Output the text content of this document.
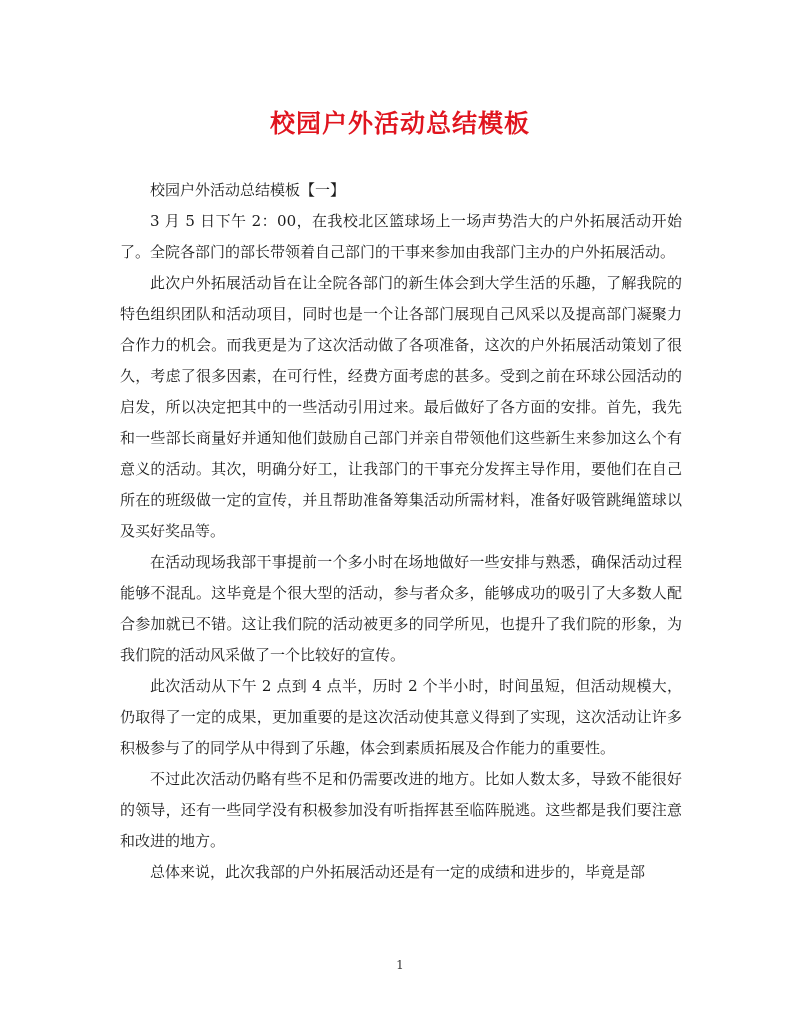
校园户外活动总结模板

校园户外活动总结模板【一】

3 月 5 日下午 2：00，在我校北区篮球场上一场声势浩大的户外拓展活动开始了。全院各部门的部长带领着自己部门的干事来参加由我部门主办的户外拓展活动。

此次户外拓展活动旨在让全院各部门的新生体会到大学生活的乐趣，了解我院的特色组织团队和活动项目，同时也是一个让各部门展现自己风采以及提高部门凝聚力合作力的机会。而我更是为了这次活动做了各项准备，这次的户外拓展活动策划了很久，考虑了很多因素，在可行性，经费方面考虑的甚多。受到之前在环球公园活动的启发，所以决定把其中的一些活动引用过来。最后做好了各方面的安排。首先，我先和一些部长商量好并通知他们鼓励自己部门并亲自带领他们这些新生来参加这么个有意义的活动。其次，明确分好工，让我部门的干事充分发挥主导作用，要他们在自己所在的班级做一定的宣传，并且帮助准备筹集活动所需材料，准备好吸管跳绳篮球以及买好奖品等。

在活动现场我部干事提前一个多小时在场地做好一些安排与熟悉，确保活动过程能够不混乱。这毕竟是个很大型的活动，参与者众多，能够成功的吸引了大多数人配合参加就已不错。这让我们院的活动被更多的同学所见，也提升了我们院的形象，为我们院的活动风采做了一个比较好的宣传。

此次活动从下午 2 点到 4 点半，历时 2 个半小时，时间虽短，但活动规模大，仍取得了一定的成果，更加重要的是这次活动使其意义得到了实现，这次活动让许多积极参与了的同学从中得到了乐趣，体会到素质拓展及合作能力的重要性。

不过此次活动仍略有些不足和仍需要改进的地方。比如人数太多，导致不能很好的领导，还有一些同学没有积极参加没有听指挥甚至临阵脱逃。这些都是我们要注意和改进的地方。

总体来说，此次我部的户外拓展活动还是有一定的成绩和进步的，毕竟是部

1
